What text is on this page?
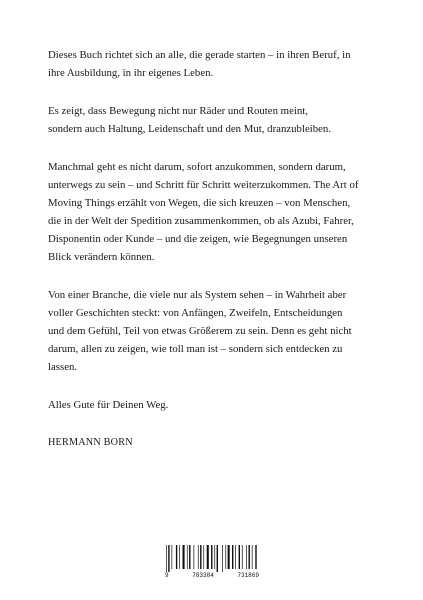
Dieses Buch richtet sich an alle, die gerade starten – in ihren Beruf, in
ihre Ausbildung, in ihr eigenes Leben.

Es zeigt, dass Bewegung nicht nur Räder und Routen meint,
sondern auch Haltung, Leidenschaft und den Mut, dranzubleiben.

Manchmal geht es nicht darum, sofort anzukommen, sondern darum,
unterwegs zu sein – und Schritt für Schritt weiterzukommen. The Art of
Moving Things erzählt von Wegen, die sich kreuzen – von Menschen,
die in der Welt der Spedition zusammenkommen, ob als Azubi, Fahrer,
Disponentin oder Kunde – und die zeigen, wie Begegnungen unseren
Blick verändern können.

Von einer Branche, die viele nur als System sehen – in Wahrheit aber
voller Geschichten steckt: von Anfängen, Zweifeln, Entscheidungen
und dem Gefühl, Teil von etwas Größerem zu sein. Denn es geht nicht
darum, allen zu zeigen, wie toll man ist – sondern sich entdecken zu
lassen.

Alles Gute für Deinen Weg.

HERMANN BORN

9	783384	731869
